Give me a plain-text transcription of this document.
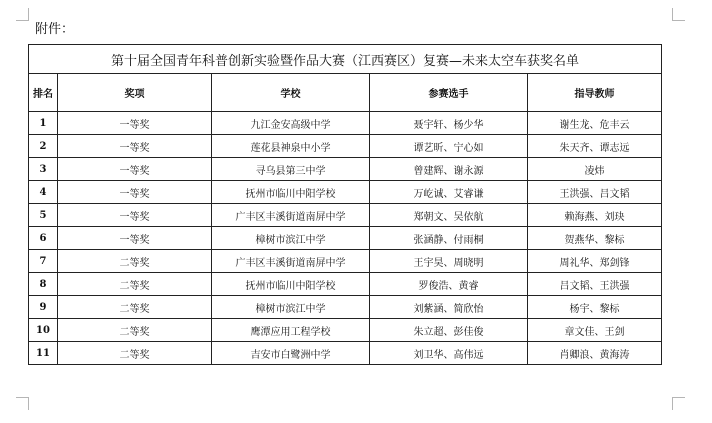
附件：
第十届全国青年科普创新实验暨作品大赛（江西赛区）复赛—未来太空车获奖名单				
排名	奖项	学校	参赛选手	指导教师
1	一等奖	九江金安高级中学	聂宇轩、杨少华	谢生龙、危丰云
2	一等奖	莲花县神泉中小学	谭艺昕、宁心如	朱天齐、谭志远
3	一等奖	寻乌县第三中学	曾建辉、谢永源	凌炜
4	一等奖	抚州市临川中阳学校	万屹诚、艾睿谦	王洪强、吕文韬
5	一等奖	广丰区丰溪街道南屏中学	郑朝文、吴依航	赖海燕、刘玦
6	一等奖	樟树市滨江中学	张涵静、付雨桐	贺燕华、黎标
7	二等奖	广丰区丰溪街道南屏中学	王宇昊、周晓明	周礼华、郑剑锋
8	二等奖	抚州市临川中阳学校	罗俊浩、黄睿	吕文韬、王洪强
9	二等奖	樟树市滨江中学	刘紫涵、简欣怡	杨宇、黎标
10	二等奖	鹰潭应用工程学校	朱立超、彭佳俊	章文佳、王剑
11	二等奖	吉安市白鹭洲中学	刘卫华、高伟远	肖卿浪、黄海涛
